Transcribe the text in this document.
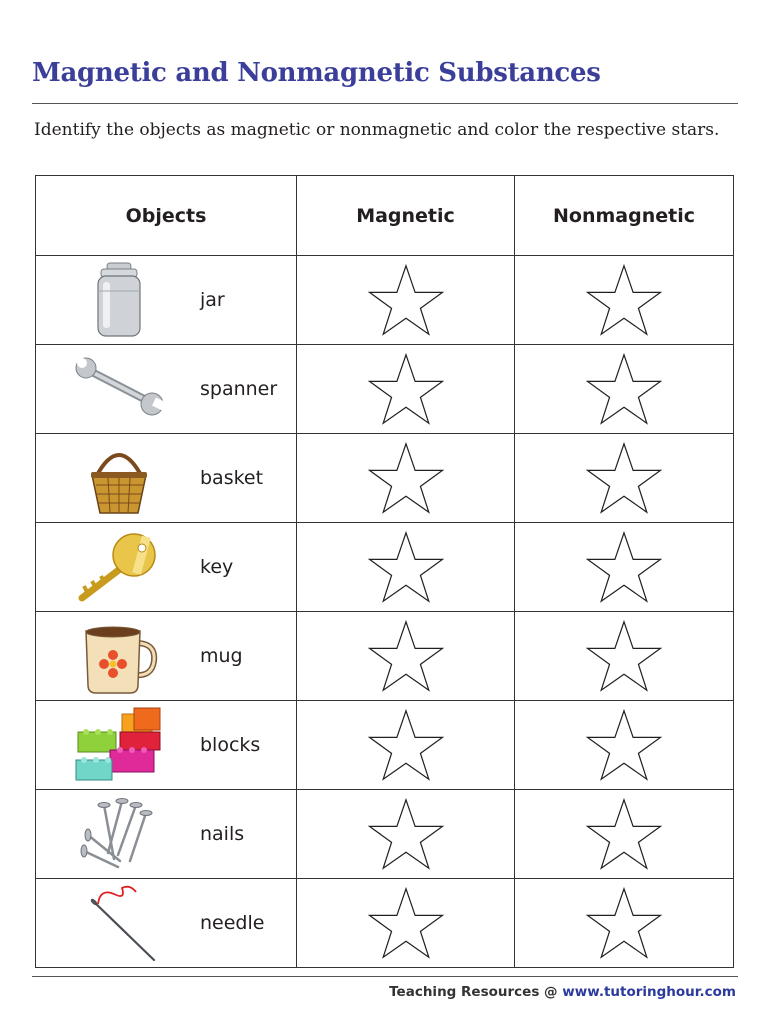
Magnetic and Nonmagnetic Substances

Identify the objects as magnetic or nonmagnetic and color the respective stars.

Objects	Magnetic	Nonmagnetic

jar

spanner

basket

key

mug

blocks

nails

needle

Teaching Resources @ www.tutoringhour.com
